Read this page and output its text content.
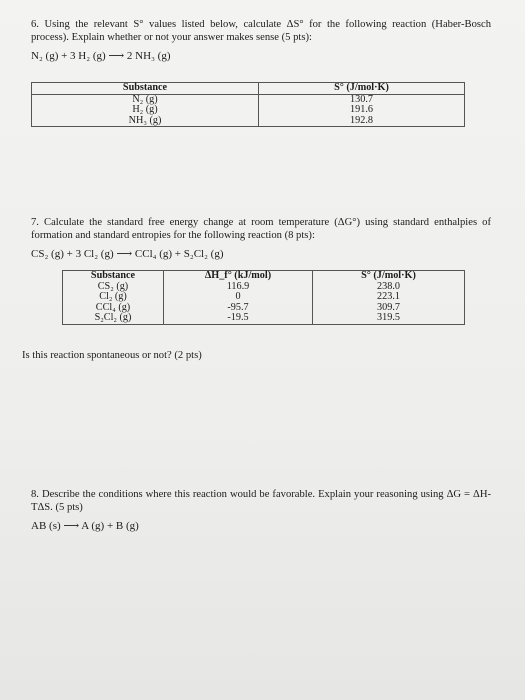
6. Using the relevant S° values listed below, calculate ΔS° for the following reaction (Haber-Bosch process). Explain whether or not your answer makes sense (5 pts):
N₂ (g) + 3 H₂ (g) ⟶ 2 NH₃ (g)
Substance	S° (J/mol·K)
N₂ (g)	130.7
H₂ (g)	191.6
NH₃ (g)	192.8
7. Calculate the standard free energy change at room temperature (ΔG°) using standard enthalpies of formation and standard entropies for the following reaction (8 pts):
CS₂ (g) + 3 Cl₂ (g) ⟶ CCl₄ (g) + S₂Cl₂ (g)
Substance	ΔH_f° (kJ/mol)	S° (J/mol·K)
CS₂ (g)	116.9	238.0
Cl₂ (g)	0	223.1
CCl₄ (g)	-95.7	309.7
S₂Cl₂ (g)	-19.5	319.5
Is this reaction spontaneous or not? (2 pts)
8. Describe the conditions where this reaction would be favorable. Explain your reasoning using ΔG = ΔH-TΔS. (5 pts)
AB (s) ⟶ A (g) + B (g)
